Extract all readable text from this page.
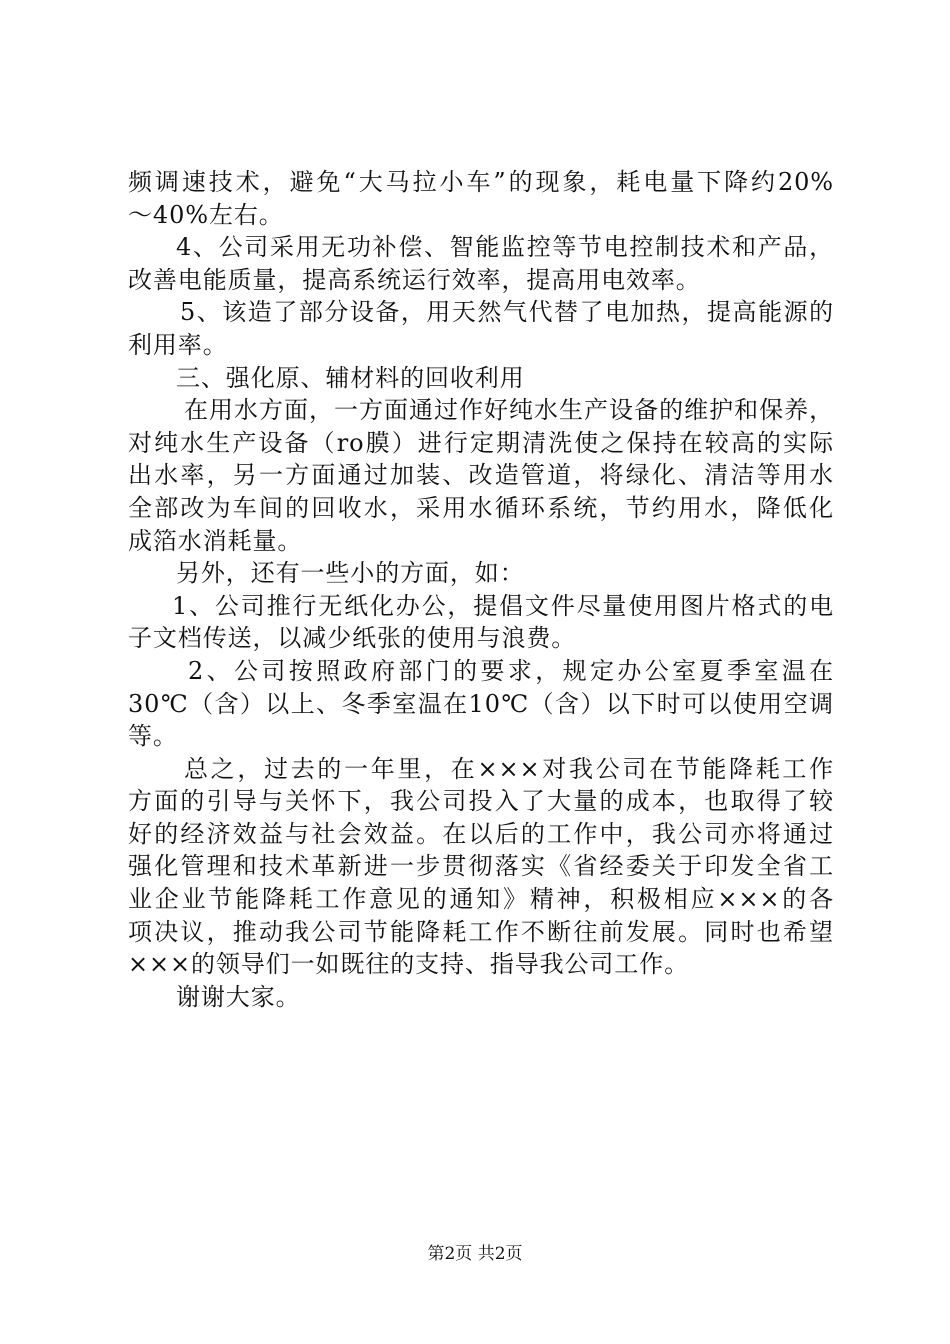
频调速技术，避免“大马拉小车”的现象，耗电量下降约20%
～40%左右。
4、公司采用无功补偿、智能监控等节电控制技术和产品，
改善电能质量，提高系统运行效率，提高用电效率。
5、该造了部分设备，用天然气代替了电加热，提高能源的
利用率。
三、强化原、辅材料的回收利用
在用水方面，一方面通过作好纯水生产设备的维护和保养，
对纯水生产设备（ro膜）进行定期清洗使之保持在较高的实际
出水率，另一方面通过加装、改造管道，将绿化、清洁等用水
全部改为车间的回收水，采用水循环系统，节约用水，降低化
成箔水消耗量。
另外，还有一些小的方面，如：
1、公司推行无纸化办公，提倡文件尽量使用图片格式的电
子文档传送，以减少纸张的使用与浪费。
2、公司按照政府部门的要求，规定办公室夏季室温在
30℃（含）以上、冬季室温在10℃（含）以下时可以使用空调
等。
总之，过去的一年里，在×××对我公司在节能降耗工作
方面的引导与关怀下，我公司投入了大量的成本，也取得了较
好的经济效益与社会效益。在以后的工作中，我公司亦将通过
强化管理和技术革新进一步贯彻落实《省经委关于印发全省工
业企业节能降耗工作意见的通知》精神，积极相应×××的各
项决议，推动我公司节能降耗工作不断往前发展。同时也希望
×××的领导们一如既往的支持、指导我公司工作。
谢谢大家。
第2页 共2页
